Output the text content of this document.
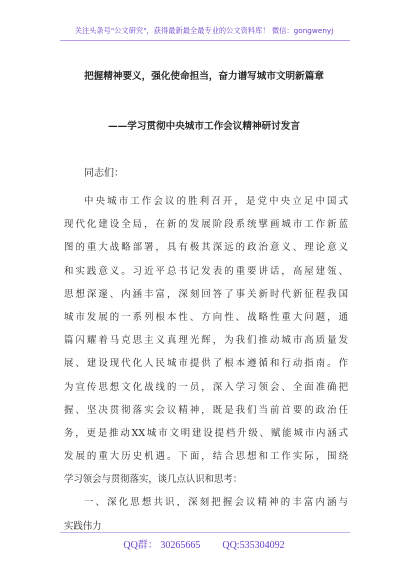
关注头条号"公文研究"，获得最新最全最专业的公文资料库！ 微信：gongwenyj
把握精神要义，强化使命担当，奋力谱写城市文明新篇章
——学习贯彻中央城市工作会议精神研讨发言
同志们：
中央城市工作会议的胜利召开，是党中央立足中国式
现代化建设全局，在新的发展阶段系统擘画城市工作新蓝
图的重大战略部署，具有极其深远的政治意义、理论意义
和实践意义。习近平总书记发表的重要讲话，高屋建瓴、
思想深邃、内涵丰富，深刻回答了事关新时代新征程我国
城市发展的一系列根本性、方向性、战略性重大问题，通
篇闪耀着马克思主义真理光辉，为我们推动城市高质量发
展、建设现代化人民城市提供了根本遵循和行动指南。作
为宣传思想文化战线的一员，深入学习领会、全面准确把
握、坚决贯彻落实会议精神，既是我们当前首要的政治任
务，更是推动XX城市文明建设提档升级、赋能城市内涵式
发展的重大历史机遇。下面，结合思想和工作实际，围绕
学习领会与贯彻落实，谈几点认识和思考：
一、深化思想共识，深刻把握会议精神的丰富内涵与
实践伟力
QQ群： 30265665 QQ:535304092
